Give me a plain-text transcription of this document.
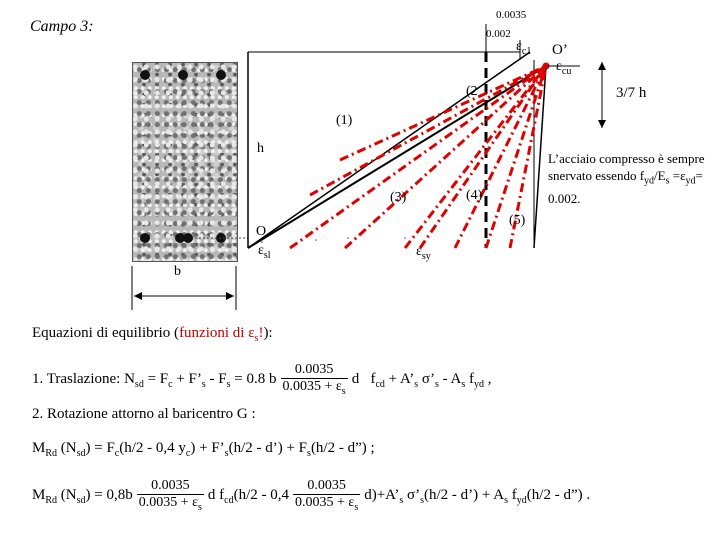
Campo 3:
0.0035
0.002
$\varepsilon_{c1}$ O’
$\varepsilon_{cu}$
3/7 h
(2
(1)
h
(3)	(4)
(5)
O
$\varepsilon_{sl}$	$\varepsilon_{sy}$
b
L’acciaio compresso è sempre snervato essendo $f_{yd}/E_s =\varepsilon_{yd}= 0.002$.
Equazioni di equilibrio (funzioni di $\varepsilon_s$!):
1. Traslazione: $N_{sd} = F_c$ + $F’_s - F_s = 0.8$ b $\frac{0.0035}{0.0035 + \varepsilon_s}$ d $f_{cd}$ + $A’_s$ $\sigma’_s - A_s$ $f_{yd}$ ,
2. Rotazione attorno al baricentro G :
$M_{Rd}$ $(N_{sd}) = F_c(h/2 - 0,4$ $y_c$) + $F’_s(h/2$ - d’) + $F_s(h/2$ - d”) ;
$M_{Rd}$ $(N_{sd}) = 0,8b \frac{0.0035}{0.0035 + \varepsilon_s}$ d $f_{cd}(h/2 - 0,4 \frac{0.0035}{0.0035 + \varepsilon_s}$ $d)+A’_s$ $\sigma’_s(h/2$ - d’) + $A_s$ $f_{yd}(h/2$ - d”) .
